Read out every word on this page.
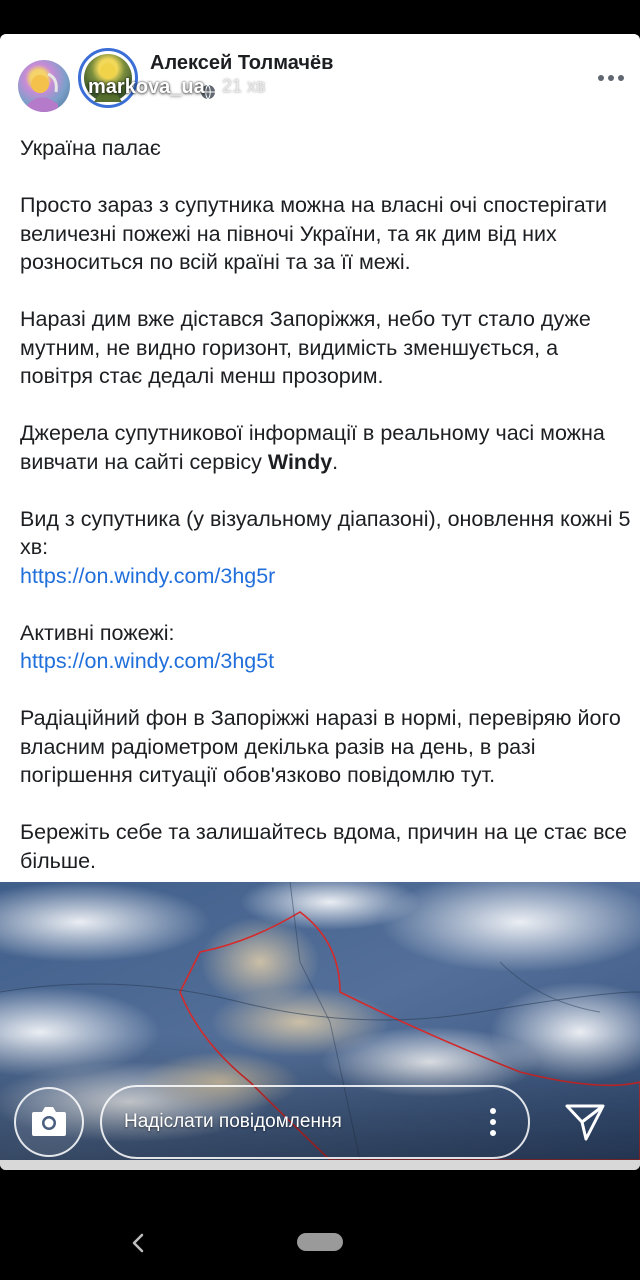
Алексей Толмачёв
markova_ua 21 хв

Україна палає

Просто зараз з супутника можна на власні очі спостерігати величезні пожежі на півночі України, та як дим від них розноситься по всій країні та за її межі.

Наразі дим вже дістався Запоріжжя, небо тут стало дуже мутним, не видно горизонт, видимість зменшується, а повітря стає дедалі менш прозорим.

Джерела супутникової інформації в реальному часі можна вивчати на сайті сервісу Windy.

Вид з супутника (у візуальному діапазоні), оновлення кожні 5 хв:
https://on.windy.com/3hg5r

Активні пожежі:
https://on.windy.com/3hg5t

Радіаційний фон в Запоріжжі наразі в нормі, перевіряю його власним радіометром декілька разів на день, в разі погіршення ситуації обов'язково повідомлю тут.

Бережіть себе та залишайтесь вдома, причин на це стає все більше.

Надіслати повідомлення
